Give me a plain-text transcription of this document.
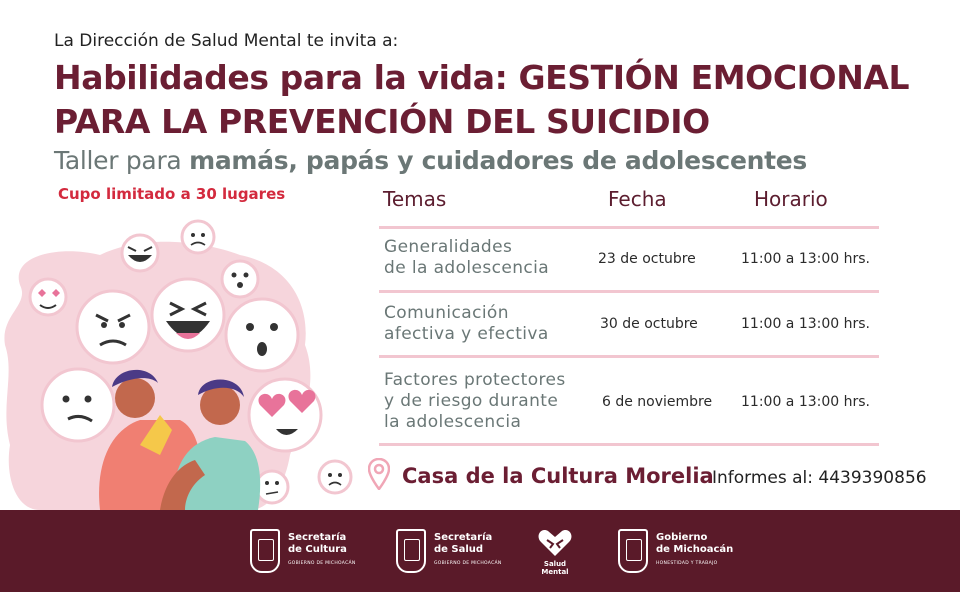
La Dirección de Salud Mental te invita a:
Habilidades para la vida: GESTIÓN EMOCIONAL
PARA LA PREVENCIÓN DEL SUICIDIO
Taller para mamás, papás y cuidadores de adolescentes
Cupo limitado a 30 lugares	Temas	Fecha	Horario
Generalidades
de la adolescencia	23 de octubre	11:00 a 13:00 hrs.
Comunicación
afectiva y efectiva	30 de octubre	11:00 a 13:00 hrs.
Factores protectores
y de riesgo durante
la adolescencia
6 de noviembre 11:00 a 13:00 hrs.
Casa de la Cultura Morelia
Informes al: 4439390856
Secretaría
de Cultura
GOBIERNO DE MICHOACÁN
Secretaría
de Salud
GOBIERNO DE MICHOACÁN	Salud
Mental
Gobierno
de Michoacán
HONESTIDAD Y TRABAJO
